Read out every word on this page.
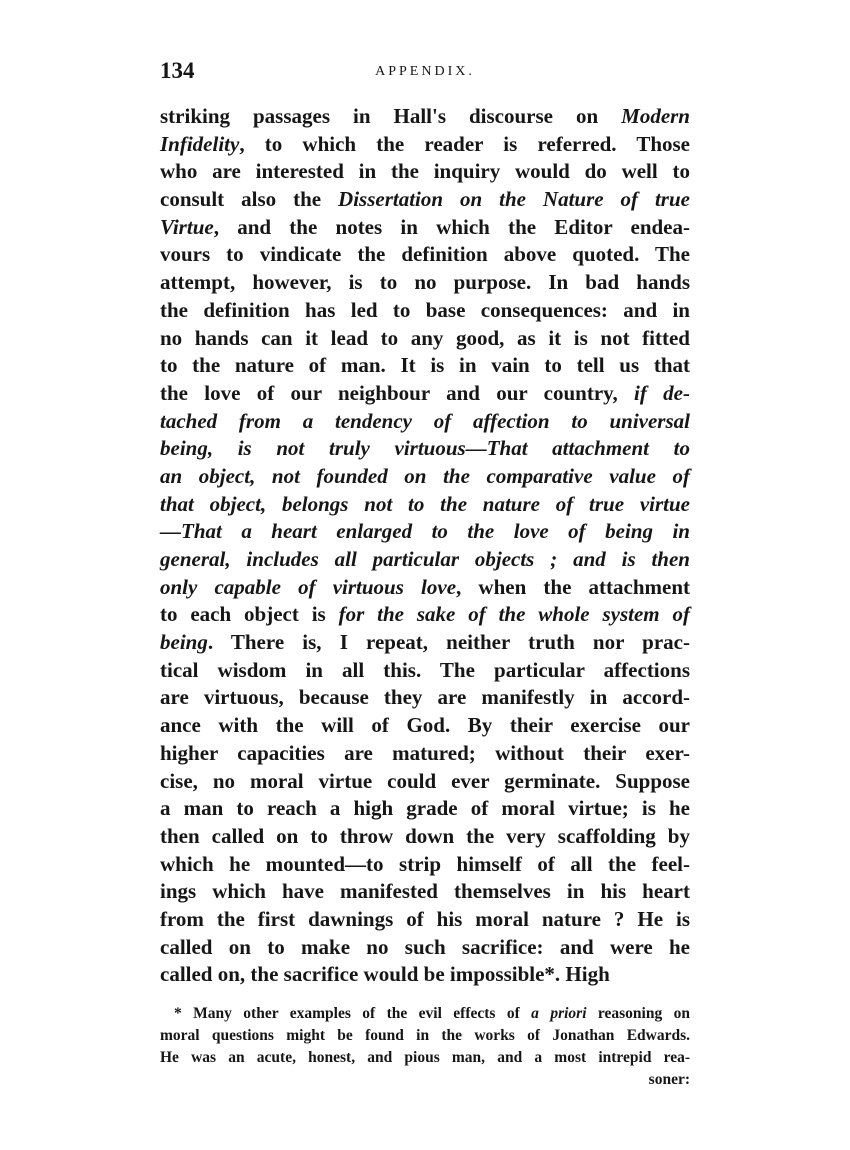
134	APPENDIX.
striking passages in Hall's discourse on Modern
Infidelity, to which the reader is referred. Those
who are interested in the inquiry would do well to
consult also the Dissertation on the Nature of true
Virtue, and the notes in which the Editor endea-
vours to vindicate the definition above quoted. The
attempt, however, is to no purpose. In bad hands
the definition has led to base consequences: and in
no hands can it lead to any good, as it is not fitted
to the nature of man. It is in vain to tell us that
the love of our neighbour and our country, if de-
tached from a tendency of affection to universal
being, is not truly virtuous—That attachment to
an object, not founded on the comparative value of
that object, belongs not to the nature of true virtue
—That a heart enlarged to the love of being in
general, includes all particular objects ; and is then
only capable of virtuous love, when the attachment
to each object is for the sake of the whole system of
being. There is, I repeat, neither truth nor prac-
tical wisdom in all this. The particular affections
are virtuous, because they are manifestly in accord-
ance with the will of God. By their exercise our
higher capacities are matured; without their exer-
cise, no moral virtue could ever germinate. Suppose
a man to reach a high grade of moral virtue; is he
then called on to throw down the very scaffolding by
which he mounted—to strip himself of all the feel-
ings which have manifested themselves in his heart
from the first dawnings of his moral nature ? He is
called on to make no such sacrifice: and were he
called on, the sacrifice would be impossible*. High
* Many other examples of the evil effects of a priori reasoning on
moral questions might be found in the works of Jonathan Edwards.
He was an acute, honest, and pious man, and a most intrepid rea-
soner:
